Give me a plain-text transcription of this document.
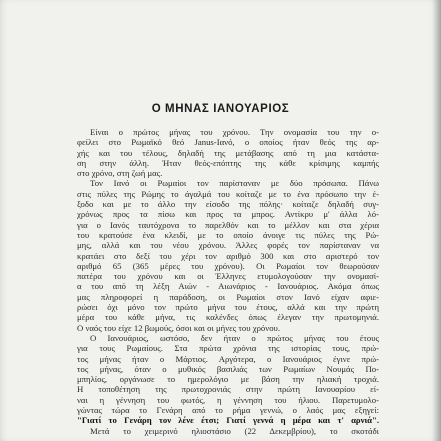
Ο ΜΗΝΑΣ ΙΑΝΟΥΑΡΙΟΣ
Είναι ο πρώτος μήνας του χρόνου. Την ονομασία του την ο-
φείλει στο Ρωμαϊκό θεό Janus-Ιανό, ο οποίος ήταν θεός της αρ-
χής και του τέλους, δηλαδή της μετάβασης από τη μια κατάστα-
ση στην άλλη. Ήταν θεός-επόπτης της κάθε κρίσιμης καμπής
στο χρόνο, στη ζωή μας.
Τον Ιανό οι Ρωμαίοι τον παρίσταναν με δύο πρόσωπα. Πάνω
στις πύλες της Ρώμης το άγαλμά του κοίταζε με το ένα πρόσωπο την έ-
ξοδο και με το άλλο την είσοδο της πόλης· κοίταζε δηλαδή συγ-
χρόνως προς τα πίσω και προς τα μπρος. Αντίκρυ μ' άλλα λό-
για ο Ιανός ταυτόχρονα το παρελθόν και το μέλλον και στα χέρια
του κρατούσε ένα κλειδί, με το οποίο άνοιγε τις πύλες της Ρώ-
μης, αλλά και του νέου χρόνου. Άλλες φορές τον παρίσταναν να
κρατάει στο δεξί του χέρι τον αριθμό 300 και στο αριστερό τον
αριθμό 65 (365 μέρες του χρόνου). Οι Ρωμαίοι τον θεωρούσαν
πατέρα του χρόνου και οι Έλληνες ετυμολογούσαν την ονομασί-
α του από τη λέξη Αιών - Αιωνάριος - Ιανουάριος. Ακόμα όπως
μας πληροφορεί η παράδοση, οι Ρωμαίοι στον Ιανό είχαν αφιε-
ρώσει όχι μόνο τον πρώτο μήνα του έτους, αλλά και την πρώτη
μέρα του κάθε μήνα, τις καλένδες όπως έλεγαν την πρωτομηνιά.
Ο ναός του είχε 12 βωμούς, όσοι και οι μήνες του χρόνου.
Ο Ιανουάριος, ωστόσο, δεν ήταν ο πρώτος μήνας του έτους
για τους Ρωμαίους. Στα πρώτα χρόνια της ιστορίας τους, πρώ-
τος μήνας ήταν ο Μάρτιος. Αργότερα, ο Ιανουάριος έγινε πρώ-
τος μήνας, όταν ο μυθικός βασιλιάς των Ρωμαίων Νουμάς Πο-
μπηλίος, οργάνωσε το ημερολόγιο με βάση την ηλιακή τροχιά.
Η τοποθέτηση της πρωτοχρονιάς στην πρώτη Ιανουαρίου εί-
ναι η γέννηση του φωτός, η γέννηση του ήλιου. Παρετυμολο-
γώντας τώρα το Γενάρη από το ρήμα γεννώ, ο λαός μας εξηγεί:
"Γιατί το Γενάρη τον λένε έτσι; Γιατί γεννά η μέρα και τ' αρνιά".
Μετά το χειμερινό ηλιοστάσιο (22 Δεκεμβρίου), το σκοτάδι
